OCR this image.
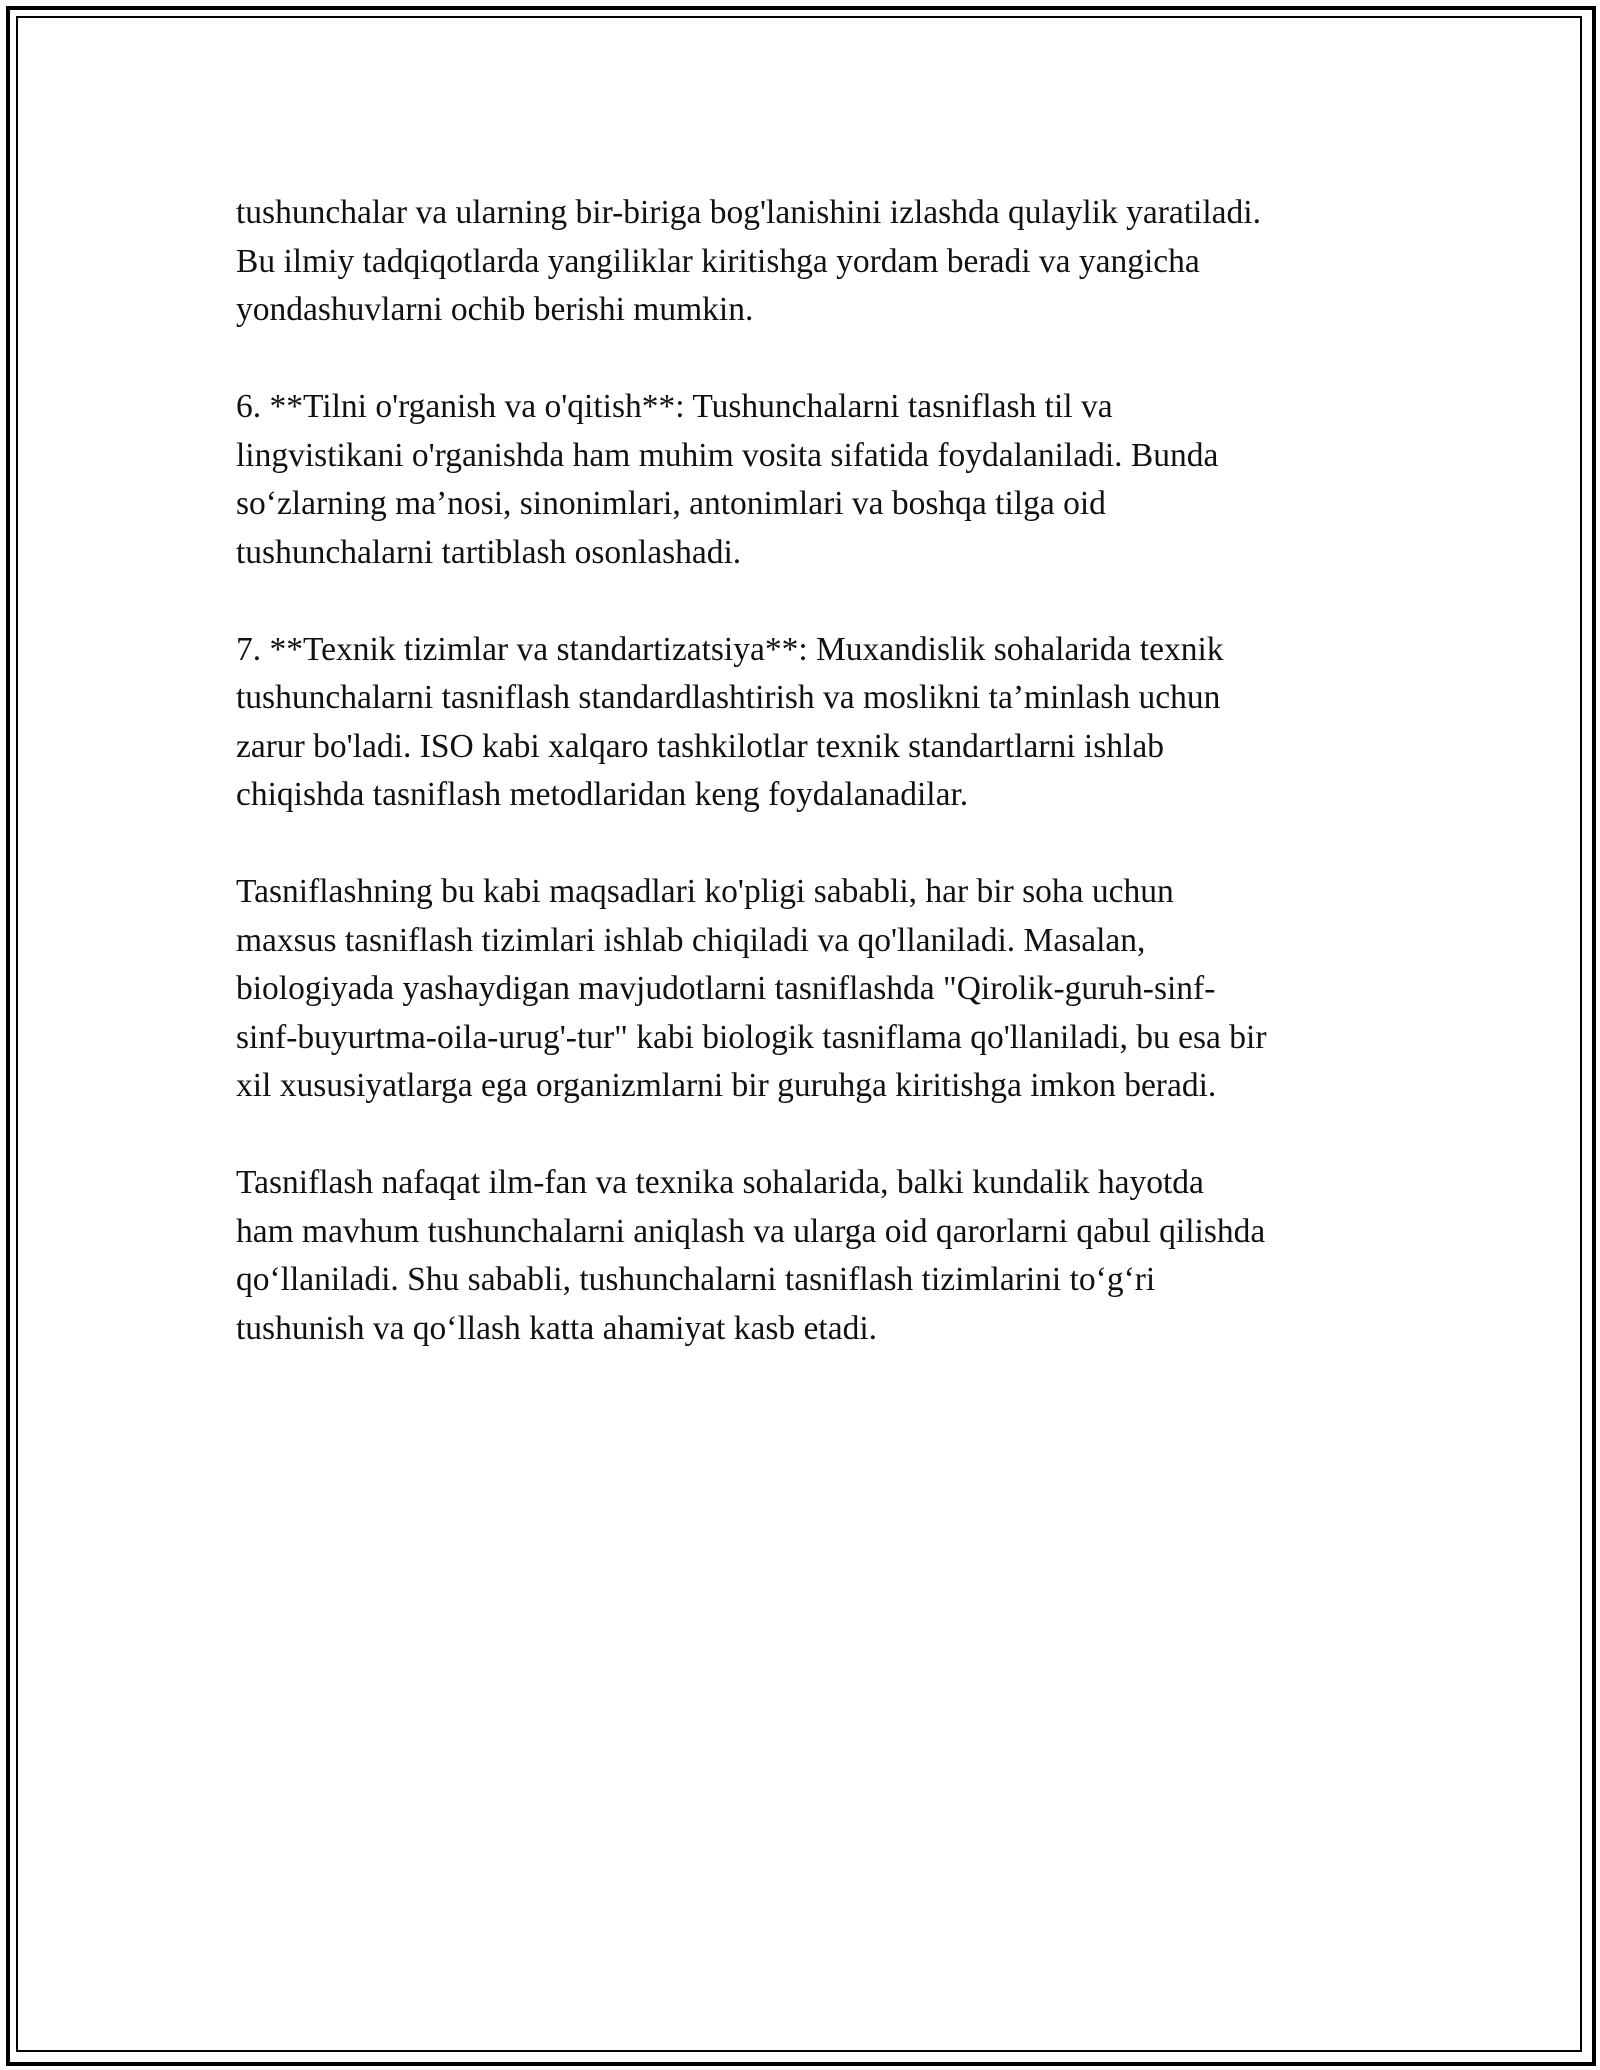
tushunchalar va ularning bir-biriga bog'lanishini izlashda qulaylik yaratiladi.
Bu ilmiy tadqiqotlarda yangiliklar kiritishga yordam beradi va yangicha
yondashuvlarni ochib berishi mumkin.

6. **Tilni o'rganish va o'qitish**: Tushunchalarni tasniflash til va
lingvistikani o'rganishda ham muhim vosita sifatida foydalaniladi. Bunda
so‘zlarning ma’nosi, sinonimlari, antonimlari va boshqa tilga oid
tushunchalarni tartiblash osonlashadi.

7. **Texnik tizimlar va standartizatsiya**: Muxandislik sohalarida texnik
tushunchalarni tasniflash standardlashtirish va moslikni ta’minlash uchun
zarur bo'ladi. ISO kabi xalqaro tashkilotlar texnik standartlarni ishlab
chiqishda tasniflash metodlaridan keng foydalanadilar.

Tasniflashning bu kabi maqsadlari ko'pligi sababli, har bir soha uchun
maxsus tasniflash tizimlari ishlab chiqiladi va qo'llaniladi. Masalan,
biologiyada yashaydigan mavjudotlarni tasniflashda "Qirolik-guruh-sinf-
sinf-buyurtma-oila-urug'-tur" kabi biologik tasniflama qo'llaniladi, bu esa bir
xil xususiyatlarga ega organizmlarni bir guruhga kiritishga imkon beradi.

Tasniflash nafaqat ilm-fan va texnika sohalarida, balki kundalik hayotda
ham mavhum tushunchalarni aniqlash va ularga oid qarorlarni qabul qilishda
qo‘llaniladi. Shu sababli, tushunchalarni tasniflash tizimlarini to‘g‘ri
tushunish va qo‘llash katta ahamiyat kasb etadi.
